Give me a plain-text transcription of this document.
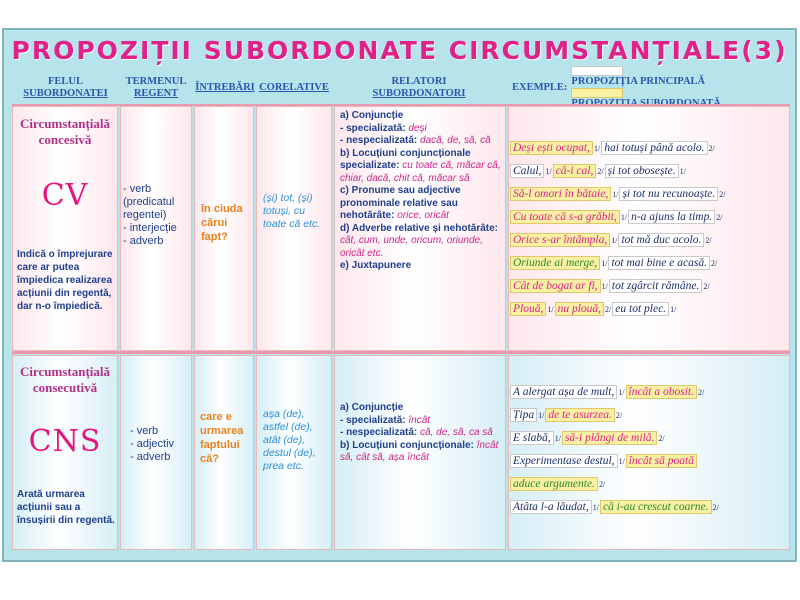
PROPOZIȚII SUBORDONATE CIRCUMSTANȚIALE(3)
FELUL
SUBORDONATEI
TERMENUL
REGENT
ÎNTREBĂRI CORELATIVE
RELATORI
SUBORDONATORI
EXEMPLE:
PROPOZIȚIA PRINCIPALĂ
Circumstanțială
concesivă
CV
Indică o împrejurare care ar putea împiedica realizarea acțiunii din regentă, dar n-o împiedică.
- verb (predicatul regentei)
- interjecție
- adverb
în ciuda cărui fapt?
(și) tot, (și) totuși, cu toate că etc.
a) Conjuncție
- specializată: deși
- nespecializată: dacă, de, să, că
b) Locuțiuni conjuncționale specializate: cu toate că, măcar că, chiar, dacă, chit că, măcar să
c) Pronume sau adjective pronominale relative sau nehotărâte: orice, oricât
d) Adverbe relative și nehotărâte: cât, cum, unde, oricum, oriunde, oricât etc.
e) Juxtapunere
Deși ești ocupat, 1/ hai totuși până acolo. 2/
Calul, 1/ că-i cal, 2/ și tot obosește. 1/
Să-l omori în bătaie, 1/ și tot nu recunoaște. 2/
Cu toate că s-a grăbit, 1/ n-a ajuns la timp. 2/
Orice s-ar întâmpla, 1/ tot mă duc acolo. 2/
Oriunde ai merge, 1/ tot mai bine e acasă. 2/
Cât de bogat ar fi, 1/ tot zgârcit rămâne. 2/
Plouă, 1/ nu plouă, 2/ eu tot plec. 1/
Circumstanțială
consecutivă
CNS
Arată urmarea acțiunii sau a însușirii din regentă.
- verb
- adjectiv
- adverb
care e urmarea faptului că?
așa (de), astfel (de), atât (de), destul (de), prea etc.
a) Conjuncție
- specializată: încât
- nespecializată: că, de, să, ca să
b) Locuțiuni conjuncționale: încât să, cât să, așa încât
A alergat așa de mult, 1/ încât a obosit. 2/
Țipa 1/ de te asurzea. 2/
E slabă, 1/ să-i plângi de milă. 2/
Experimentase destul, 1/ încât să poată
aduce argumente. 2/
Atâta l-a lăudat, 1/ că i-au crescut coarne. 2/
